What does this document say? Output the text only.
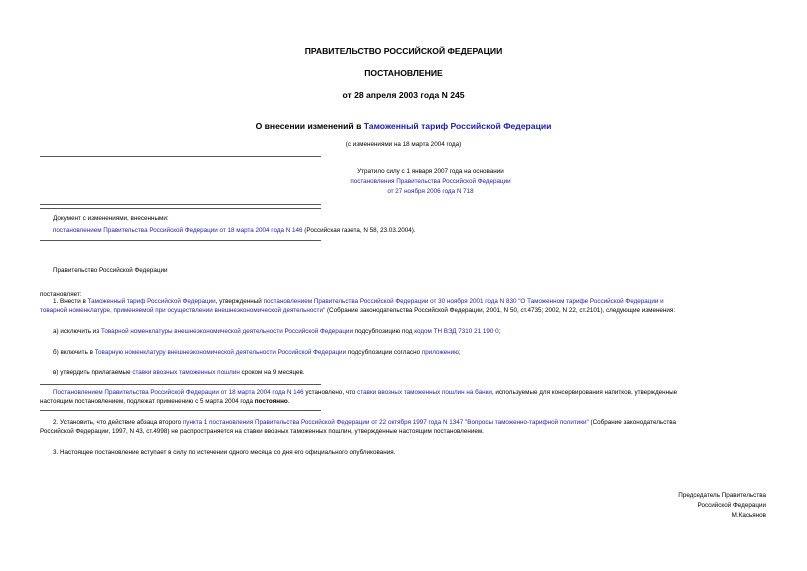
ПРАВИТЕЛЬСТВО РОССИЙСКОЙ ФЕДЕРАЦИИ
ПОСТАНОВЛЕНИЕ
от 28 апреля 2003 года N 245
О внесении изменений в Таможенный тариф Российской Федерации
(с изменениями на 18 марта 2004 года)
Утратило силу с 1 января 2007 года на основании
постановления Правительства Российской Федерации
от 27 ноября 2006 года N 718
Документ с изменениями, внесенными:
постановлением Правительства Российской Федерации от 18 марта 2004 года N 146 (Российская газета, N 58, 23.03.2004).
Правительство Российской Федерации
постановляет:
1. Внести в Таможенный тариф Российской Федерации, утвержденный постановлением Правительства Российской Федерации от 30 ноября 2001 года N 830 "О Таможенном тарифе Российской Федерации и
товарной номенклатуре, применяемой при осуществлении внешнеэкономической деятельности" (Собрание законодательства Российской Федерации, 2001, N 50, ст.4735; 2002, N 22, ст.2101), следующие изменения:
а) исключить из Товарной номенклатуры внешнеэкономической деятельности Российской Федерации подсубпозицию под кодом ТН ВЭД 7310 21 190 0;
б) включить в Товарную номенклатуру внешнеэкономической деятельности Российской Федерации подсубпозиции согласно приложению;
в) утвердить прилагаемые ставки ввозных таможенных пошлин сроком на 9 месяцев.
Постановлением Правительства Российской Федерации от 18 марта 2004 года N 146 установлено, что ставки ввозных таможенных пошлин на банки, используемые для консервирования напитков, утвержденные
настоящим постановлением, подлежат применению с 5 марта 2004 года постоянно.
2. Установить, что действие абзаца второго пункта 1 постановления Правительства Российской Федерации от 22 октября 1997 года N 1347 "Вопросы таможенно-тарифной политики" (Собрание законодательства
Российской Федерации, 1997, N 43, ст.4998) не распространяется на ставки ввозных таможенных пошлин, утвержденные настоящим постановлением.
3. Настоящее постановление вступает в силу по истечении одного месяца со дня его официального опубликования.
Председатель Правительства
Российской Федерации
М.Касьянов
